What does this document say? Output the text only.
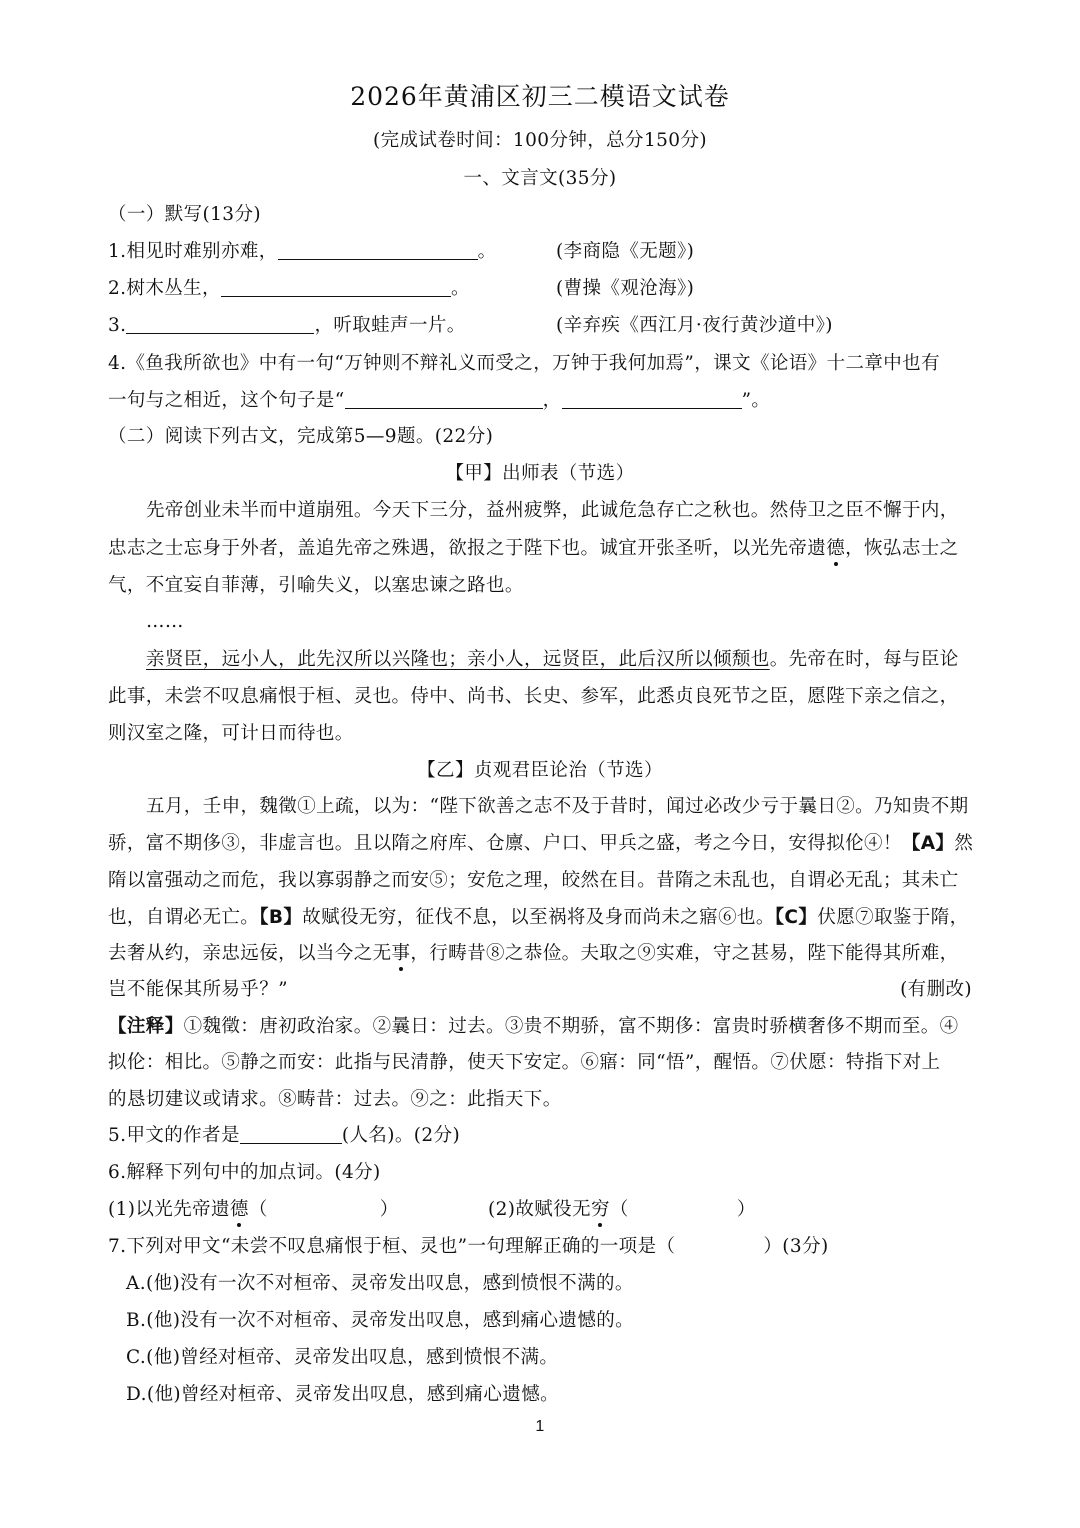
2026年黄浦区初三二模语文试卷
(完成试卷时间：100分钟，总分150分)
一、文言文(35分)
（一）默写(13分)
1.相见时难别亦难，	。	(李商隐《无题》)
2.树木丛生，	。	(曹操《观沧海》)
3.	，听取蛙声一片。	(辛弃疾《西江月·夜行黄沙道中》)
4.《鱼我所欲也》中有一句“万钟则不辩礼义而受之，万钟于我何加焉”，课文《论语》十二章中也有
一句与之相近，这个句子是“	，	”。
（二）阅读下列古文，完成第5—9题。(22分)
【甲】出师表（节选）
先帝创业未半而中道崩殂。今天下三分，益州疲弊，此诚危急存亡之秋也。然侍卫之臣不懈于内，
忠志之士忘身于外者，盖追先帝之殊遇，欲报之于陛下也。诚宜开张圣听，以光先帝遗德，恢弘志士之
气，不宜妄自菲薄，引喻失义，以塞忠谏之路也。
……
亲贤臣，远小人，此先汉所以兴隆也；亲小人，远贤臣，此后汉所以倾颓也。先帝在时，每与臣论
此事，未尝不叹息痛恨于桓、灵也。侍中、尚书、长史、参军，此悉贞良死节之臣，愿陛下亲之信之，
则汉室之隆，可计日而待也。
【乙】贞观君臣论治（节选）
五月，壬申，魏徵①上疏，以为：“陛下欲善之志不及于昔时，闻过必改少亏于曩日②。乃知贵不期
骄，富不期侈③，非虚言也。且以隋之府库、仓廪、户口、甲兵之盛，考之今日，安得拟伦④！【A】然
隋以富强动之而危，我以寡弱静之而安⑤；安危之理，皎然在目。昔隋之未乱也，自谓必无乱；其未亡
也，自谓必无亡。【B】故赋役无穷，征伐不息，以至祸将及身而尚未之寤⑥也。【C】伏愿⑦取鉴于隋，
去奢从约，亲忠远佞，以当今之无事，行畴昔⑧之恭俭。夫取之⑨实难，守之甚易，陛下能得其所难，
岂不能保其所易乎？”	(有删改)
【注释】①魏徵：唐初政治家。②曩日：过去。③贵不期骄，富不期侈：富贵时骄横奢侈不期而至。④
拟伦：相比。⑤静之而安：此指与民清静，使天下安定。⑥寤：同“悟”，醒悟。⑦伏愿：特指下对上
的恳切建议或请求。⑧畴昔：过去。⑨之：此指天下。
5.甲文的作者是	(人名)。(2分)
6.解释下列句中的加点词。(4分)
(1)以光先帝遗德（	）	(2)故赋役无穷（	）
7.下列对甲文“未尝不叹息痛恨于桓、灵也”一句理解正确的一项是（	）(3分)
A.(他)没有一次不对桓帝、灵帝发出叹息，感到愤恨不满的。
B.(他)没有一次不对桓帝、灵帝发出叹息，感到痛心遗憾的。
C.(他)曾经对桓帝、灵帝发出叹息，感到愤恨不满。
D.(他)曾经对桓帝、灵帝发出叹息，感到痛心遗憾。
1
